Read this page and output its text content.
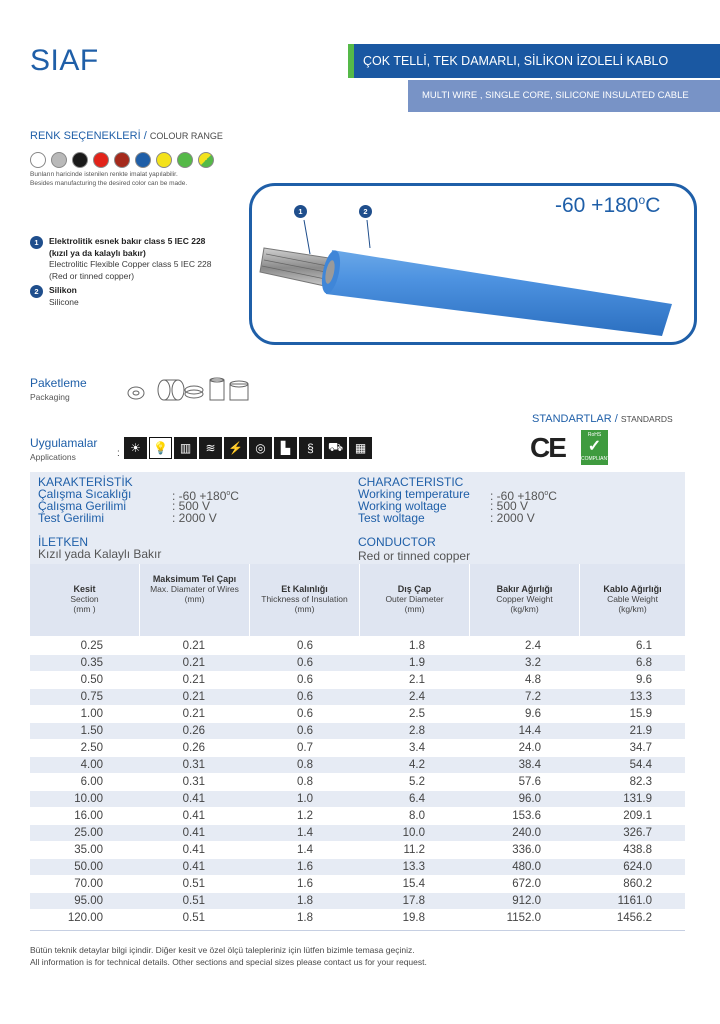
SIAF	ÇOK TELLİ, TEK DAMARLI, SİLİKON İZOLELİ KABLO
MULTI WIRE , SINGLE CORE, SILICONE INSULATED CABLE
RENK SEÇENEKLERİ / COLOUR RANGE
Bunların haricinde istenilen renkte imalat yapılabilir.
Besides manufacturing the desired color can be made.
1	2	$-60 +180^oC$
1	Elektrolitik esnek bakır class 5 IEC 228
(kızıl ya da kalaylı bakır)
Electrolitic Flexible Copper class 5 IEC 228
(Red or tinned copper)
2	Silikon
Silicone
Paketleme
Packaging
STANDARTLAR / STANDARDS
CE	RoHS
✓
COMPLIANT
Uygulamalar
Applications	: ☀	💡 ▥	≋	⚡	◎	▙	§	⛟ ▦
KARAKTERİSTİK	CHARACTERISTIC
Çalışma Sıcaklığı	: $-60 +180^oC$	Working temperature : $-60 +180^oC$
Çalışma Gerilimi	: 500 V	Working woltage	: 500 V
Test Gerilimi	: 2000 V	Test woltage	: 2000 V
İLETKEN
Kızıl yada Kalaylı Bakır
CONDUCTOR
Red or tinned copper
Kesit
Section
(mm )
Maksimum Tel Çapı
Max. Diamater of Wires
(mm)
Et Kalınlığı
Thickness of Insulation
(mm)
Dış Çap
Outer Diameter
(mm)
Bakır Ağırlığı
Copper Weight
(kg/km)
Kablo Ağırlığı
Cable Weight
(kg/km)
0.25	0.21	0.6	1.8	2.4	6.1
0.35	0.21	0.6	1.9	3.2	6.8
0.50	0.21	0.6	2.1	4.8	9.6
0.75	0.21	0.6	2.4	7.2	13.3
1.00	0.21	0.6	2.5	9.6	15.9
1.50	0.26	0.6	2.8	14.4	21.9
2.50	0.26	0.7	3.4	24.0	34.7
4.00	0.31	0.8	4.2	38.4	54.4
6.00	0.31	0.8	5.2	57.6	82.3
10.00	0.41	1.0	6.4	96.0	131.9
16.00	0.41	1.2	8.0	153.6	209.1
25.00	0.41	1.4	10.0	240.0	326.7
35.00	0.41	1.4	11.2	336.0	438.8
50.00	0.41	1.6	13.3	480.0	624.0
70.00	0.51	1.6	15.4	672.0	860.2
95.00	0.51	1.8	17.8	912.0	1161.0
120.00	0.51	1.8	19.8	1152.0	1456.2
Bütün teknik detaylar bilgi içindir. Diğer kesit ve özel ölçü talepleriniz için lütfen bizimle temasa geçiniz.
All information is for technical details. Other sections and special sizes please contact us for your request.
